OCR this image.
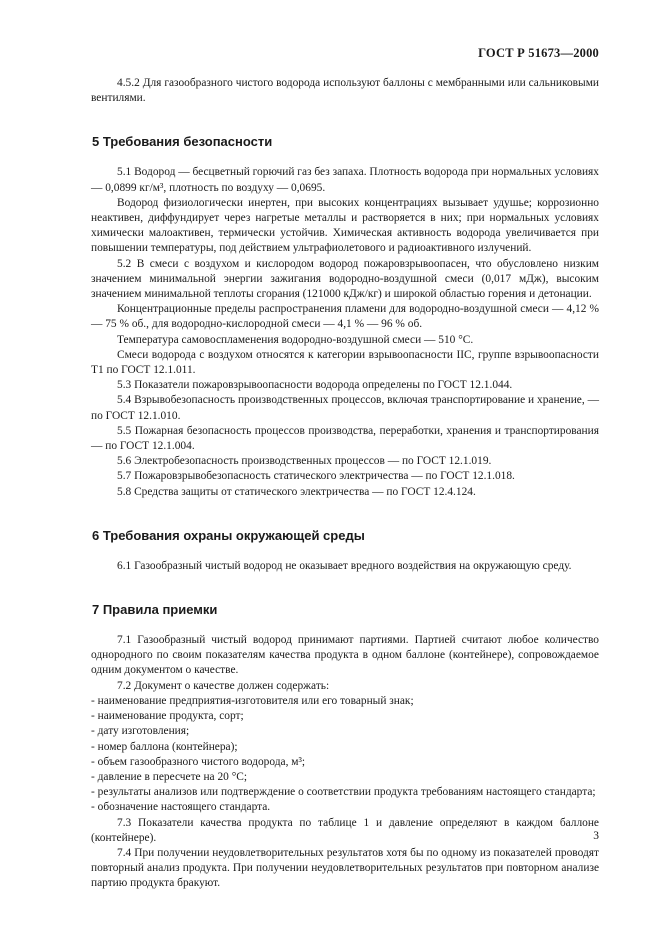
ГОСТ Р 51673—2000

4.5.2 Для газообразного чистого водорода используют баллоны с мембранными или сальниковыми вентилями.

5 Требования безопасности

5.1 Водород — бесцветный горючий газ без запаха. Плотность водорода при нормальных условиях — 0,0899 кг/м³, плотность по воздуху — 0,0695.

Водород физиологически инертен, при высоких концентрациях вызывает удушье; коррозионно неактивен, диффундирует через нагретые металлы и растворяется в них; при нормальных условиях химически малоактивен, термически устойчив. Химическая активность водорода увеличивается при повышении температуры, под действием ультрафиолетового и радиоактивного излучений.

5.2 В смеси с воздухом и кислородом водород пожаровзрывоопасен, что обусловлено низким значением минимальной энергии зажигания водородно-воздушной смеси (0,017 мДж), высоким значением минимальной теплоты сгорания (121000 кДж/кг) и широкой областью горения и детонации.

Концентрационные пределы распространения пламени для водородно-воздушной смеси — 4,12 % — 75 % об., для водородно-кислородной смеси — 4,1 % — 96 % об.

Температура самовоспламенения водородно-воздушной смеси — 510 °С.

Смеси водорода с воздухом относятся к категории взрывоопасности IIС, группе взрывоопасности Т1 по ГОСТ 12.1.011.

5.3 Показатели пожаровзрывоопасности водорода определены по ГОСТ 12.1.044.

5.4 Взрывобезопасность производственных процессов, включая транспортирование и хранение, — по ГОСТ 12.1.010.

5.5 Пожарная безопасность процессов производства, переработки, хранения и транспортирования — по ГОСТ 12.1.004.

5.6 Электробезопасность производственных процессов — по ГОСТ 12.1.019.

5.7 Пожаровзрывобезопасность статического электричества — по ГОСТ 12.1.018.

5.8 Средства защиты от статического электричества — по ГОСТ 12.4.124.

6 Требования охраны окружающей среды

6.1 Газообразный чистый водород не оказывает вредного воздействия на окружающую среду.

7 Правила приемки

7.1 Газообразный чистый водород принимают партиями. Партией считают любое количество однородного по своим показателям качества продукта в одном баллоне (контейнере), сопровождаемое одним документом о качестве.

7.2 Документ о качестве должен содержать:

- наименование предприятия-изготовителя или его товарный знак;

- наименование продукта, сорт;

- дату изготовления;

- номер баллона (контейнера);

- объем газообразного чистого водорода, м³;

- давление в пересчете на 20 °С;

- результаты анализов или подтверждение о соответствии продукта требованиям настоящего стандарта;

- обозначение настоящего стандарта.

7.3 Показатели качества продукта по таблице 1 и давление определяют в каждом баллоне (контейнере).

7.4 При получении неудовлетворительных результатов хотя бы по одному из показателей проводят повторный анализ продукта. При получении неудовлетворительных результатов при повторном анализе партию продукта бракуют.

3
